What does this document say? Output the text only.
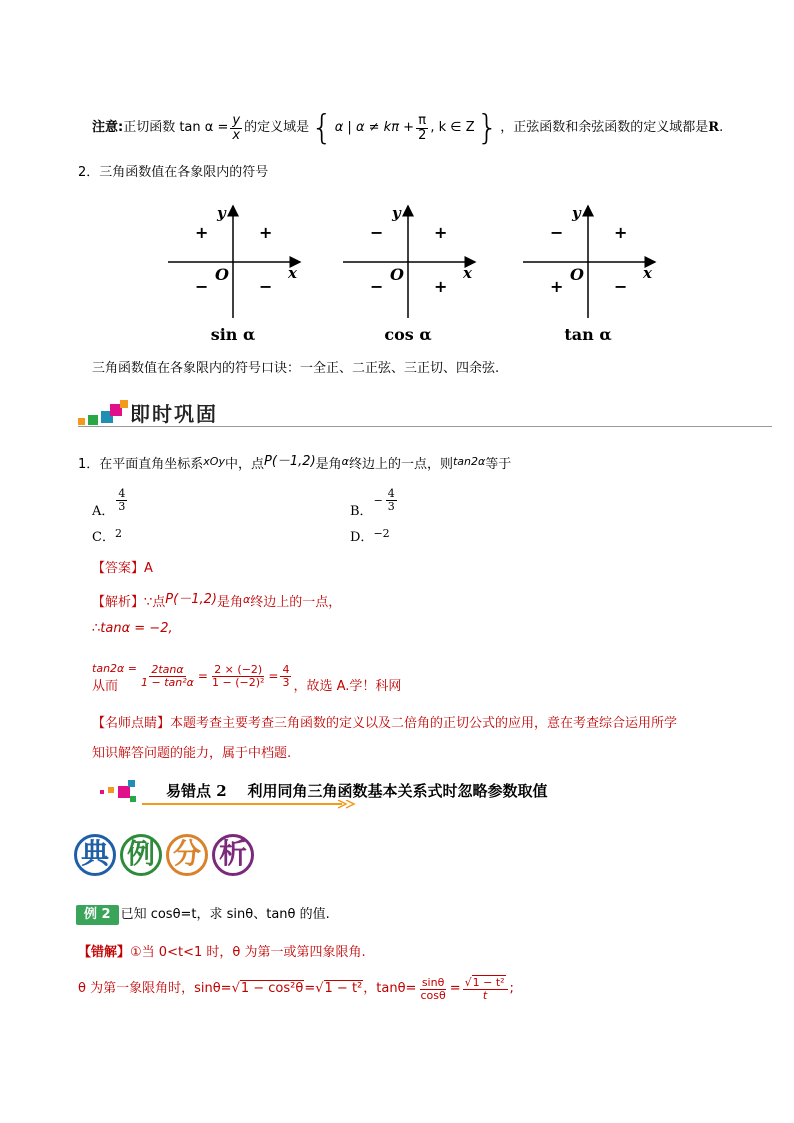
注意: 正切函数 $\tan \alpha = \frac{y}{x}$ 的定义域是 { α | $\alpha \ne k\pi + \frac{\pi}{2}$ , k ∈ Z } ，正弦函数和余弦函数的定义域都是 R .
2．三角函数值在各象限内的符号
x
y
O
+	+
−	−
sin α
x
y
O
−	+
−	+
cos α
x
y
O
−	+
+	−
tan α
三角函数值在各象限内的符号口诀：一全正、二正弦、三正切、四余弦.
即时巩固
1．在平面直角坐标系$^{xOy}$中，点P(－1,2)是角$^\alpha$终边上的一点，则$^{tan2\alpha}$等于
A． $\frac{4}{3}$	B．
− $\frac{4}{3}$
C．$^2$	D．$^{-2}$
【答案】A
【解析】∵点P(－1,2)是角$^\alpha$终边上的一点，
∴tanα = −2,
从而
$\tan 2\alpha = \frac{2\tan\alpha}{\text{1 − tan²α}} = \frac{2 \times (-2)}{\text{1 − (−2)²}} = \frac{4}{3}$ ，故选 A.学！科网
【名师点睛】本题考查主要考查三角函数的定义以及二倍角的正切公式的应用，意在考查综合运用所学
知识解答问题的能力，属于中档题.
易错点 2    利用同角三角函数基本关系式时忽略参数取值
典 例 分 析
例 2 已知 cosθ=t，求 sinθ、tanθ 的值.
【错解】①当 0<t<1 时，θ 为第一或第四象限角.
θ 为第一象限角时，sinθ= √1 − cos²θ = √1 − t² ，$\tan\theta= \frac{\sin\theta}{\cos\theta} = \frac{\text{√1 − t²}}{t}$ ;
